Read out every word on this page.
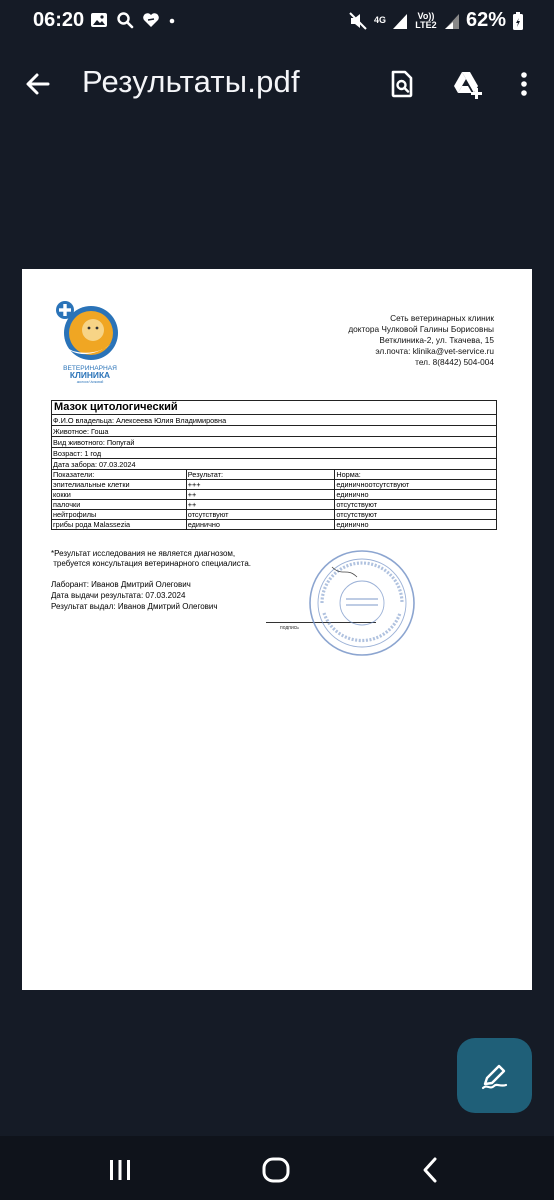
06:20	4G	Vo)) LTE2 62%
Результаты.pdf
ВЕТЕРИНАРНАЯ
КЛИНИКА
доктора Чулковой
Сеть ветеринарных клиник
доктора Чулковой Галины Борисовны
Ветклиника-2, ул. Ткачева, 15
эл.почта: klinika@vet-service.ru
тел. 8(8442) 504-004
Мазок цитологический		
Ф.И.О владельца: Алексеева Юлия Владимировна		
Животное: Гоша		
Вид животного: Попугай		
Возраст: 1 год		
Дата забора: 07.03.2024		
Показатели:	Результат:	Норма:
эпителиальные клетки	+++	единичноотсутствуют
кокки	++	единично
палочки	++	отсутствуют
нейтрофилы	отсутствуют	отсутствуют
грибы рода Malassezia	единично	единично
*Результат исследования не является диагнозом,
требуется консультация ветеринарного специалиста.
Лаборант: Иванов Дмитрий Олегович
Дата выдачи результата: 07.03.2024
Результат выдал: Иванов Дмитрий Олегович
подпись
